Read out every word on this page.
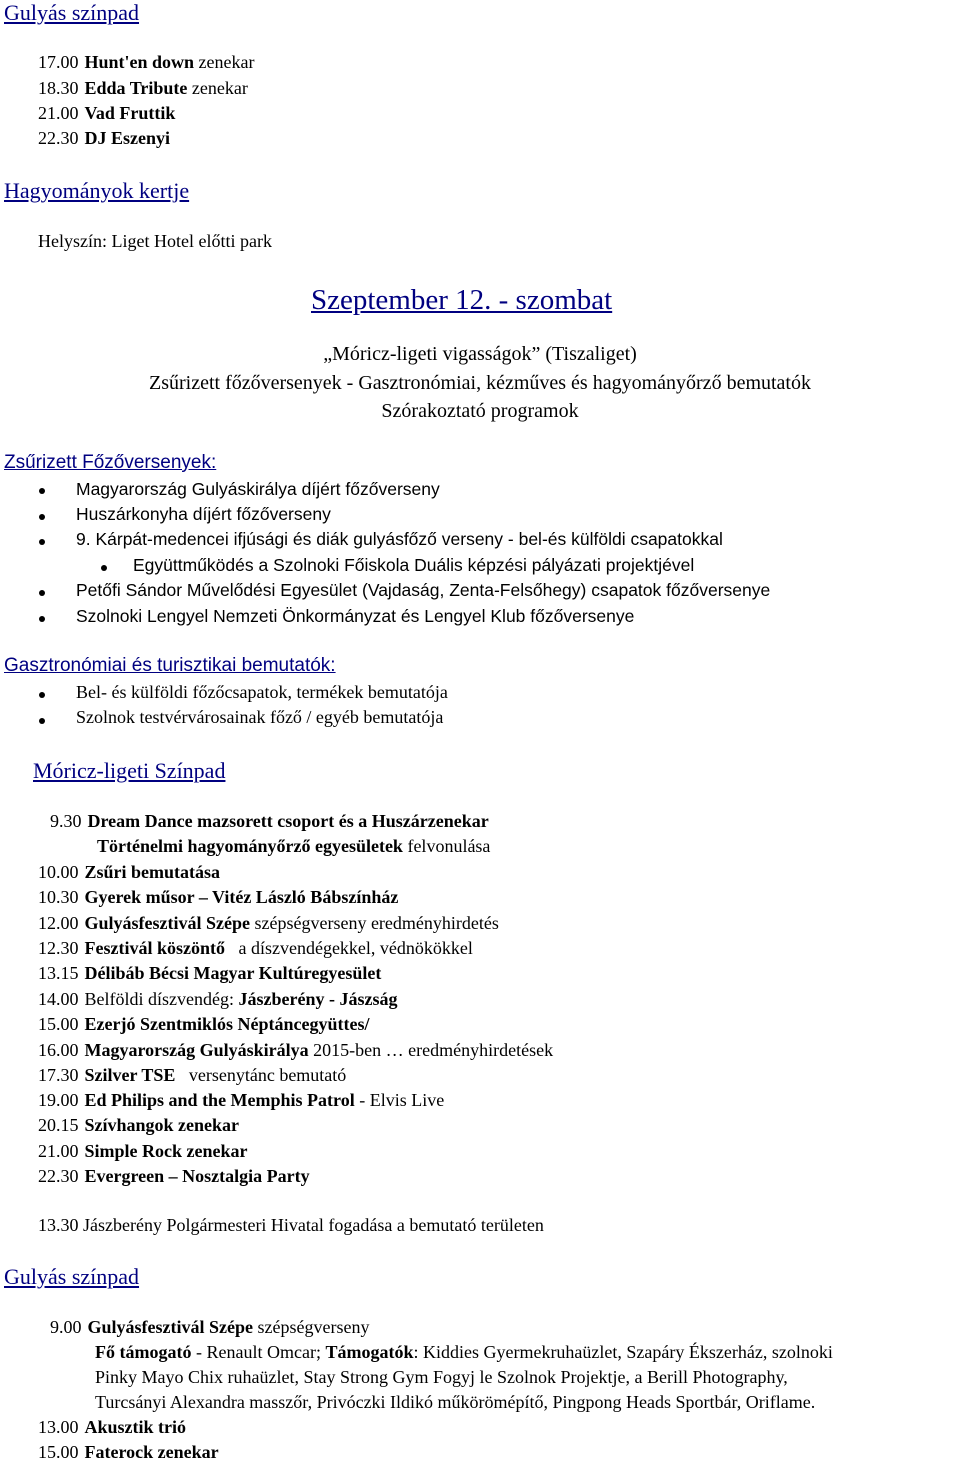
Gulyás színpad
17.00 Hunt'en down zenekar
18.30 Edda Tribute zenekar
21.00 Vad Fruttik
22.30 DJ Eszenyi
Hagyományok kertje
Helyszín: Liget Hotel előtti park
Szeptember 12. - szombat
„Móricz-ligeti vigasságok” (Tiszaliget)
Zsűrizett főzőversenyek - Gasztronómiai, kézműves és hagyományőrző bemutatók
Szórakoztató programok
Zsűrizett Főzőversenyek:
Magyarország Gulyáskirálya díjért főzőverseny
Huszárkonyha díjért főzőverseny
9. Kárpát-medencei ifjúsági és diák gulyásfőző verseny - bel-és külföldi csapatokkal
Együttműködés a Szolnoki Főiskola Duális képzési pályázati projektjével
Petőfi Sándor Művelődési Egyesület (Vajdaság, Zenta-Felsőhegy) csapatok főzőversenye
Szolnoki Lengyel Nemzeti Önkormányzat és Lengyel Klub főzőversenye
Gasztronómiai és turisztikai bemutatók:
Bel- és külföldi főzőcsapatok, termékek bemutatója
Szolnok testvérvárosainak főző / egyéb bemutatója
Móricz-ligeti Színpad
9.30 Dream Dance mazsorett csoport és a Huszárzenekar
Történelmi hagyományőrző egyesületek felvonulása
10.00 Zsűri bemutatása
10.30 Gyerek műsor – Vitéz László Bábszínház
12.00 Gulyásfesztivál Szépe szépségverseny eredményhirdetés
12.30 Fesztivál köszöntő a díszvendégekkel, védnökökkel
13.15 Délibáb Bécsi Magyar Kultúregyesület
14.00 Belföldi díszvendég: Jászberény - Jászság
15.00 Ezerjó Szentmiklós Néptáncegyüttes/
16.00 Magyarország Gulyáskirálya 2015-ben … eredményhirdetések
17.30 Szilver TSE versenytánc bemutató
19.00 Ed Philips and the Memphis Patrol - Elvis Live
20.15 Szívhangok zenekar
21.00 Simple Rock zenekar
22.30 Evergreen – Nosztalgia Party
13.30 Jászberény Polgármesteri Hivatal fogadása a bemutató területen
Gulyás színpad
9.00 Gulyásfesztivál Szépe szépségverseny
Fő támogató - Renault Omcar; Támogatók: Kiddies Gyermekruhaüzlet, Szapáry Ékszerház, szolnoki
Pinky Mayo Chix ruhaüzlet, Stay Strong Gym Fogyj le Szolnok Projektje, a Berill Photography,
Turcsányi Alexandra masszőr, Privóczki Ildikó műkörömépítő, Pingpong Heads Sportbár, Oriflame.
13.00 Akusztik trió
15.00 Faterock zenekar
